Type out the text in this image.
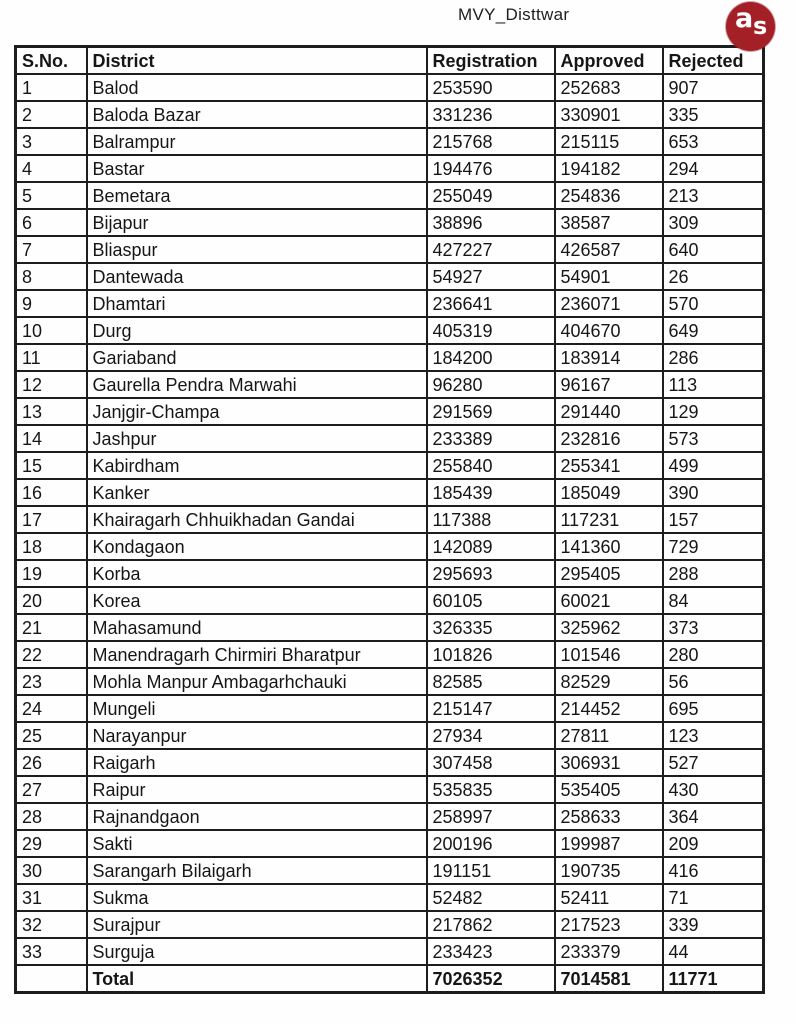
MVY_Disttwar	a s
S.No.	District	Registration	Approved	Rejected
1	Balod	253590	252683	907
2	Baloda Bazar	331236	330901	335
3	Balrampur	215768	215115	653
4	Bastar	194476	194182	294
5	Bemetara	255049	254836	213
6	Bijapur	38896	38587	309
7	Bliaspur	427227	426587	640
8	Dantewada	54927	54901	26
9	Dhamtari	236641	236071	570
10	Durg	405319	404670	649
11	Gariaband	184200	183914	286
12	Gaurella Pendra Marwahi	96280	96167	113
13	Janjgir-Champa	291569	291440	129
14	Jashpur	233389	232816	573
15	Kabirdham	255840	255341	499
16	Kanker	185439	185049	390
17	Khairagarh Chhuikhadan Gandai	117388	117231	157
18	Kondagaon	142089	141360	729
19	Korba	295693	295405	288
20	Korea	60105	60021	84
21	Mahasamund	326335	325962	373
22	Manendragarh Chirmiri Bharatpur	101826	101546	280
23	Mohla Manpur Ambagarhchauki	82585	82529	56
24	Mungeli	215147	214452	695
25	Narayanpur	27934	27811	123
26	Raigarh	307458	306931	527
27	Raipur	535835	535405	430
28	Rajnandgaon	258997	258633	364
29	Sakti	200196	199987	209
30	Sarangarh Bilaigarh	191151	190735	416
31	Sukma	52482	52411	71
32	Surajpur	217862	217523	339
33	Surguja	233423	233379	44
	Total	7026352	7014581	11771
